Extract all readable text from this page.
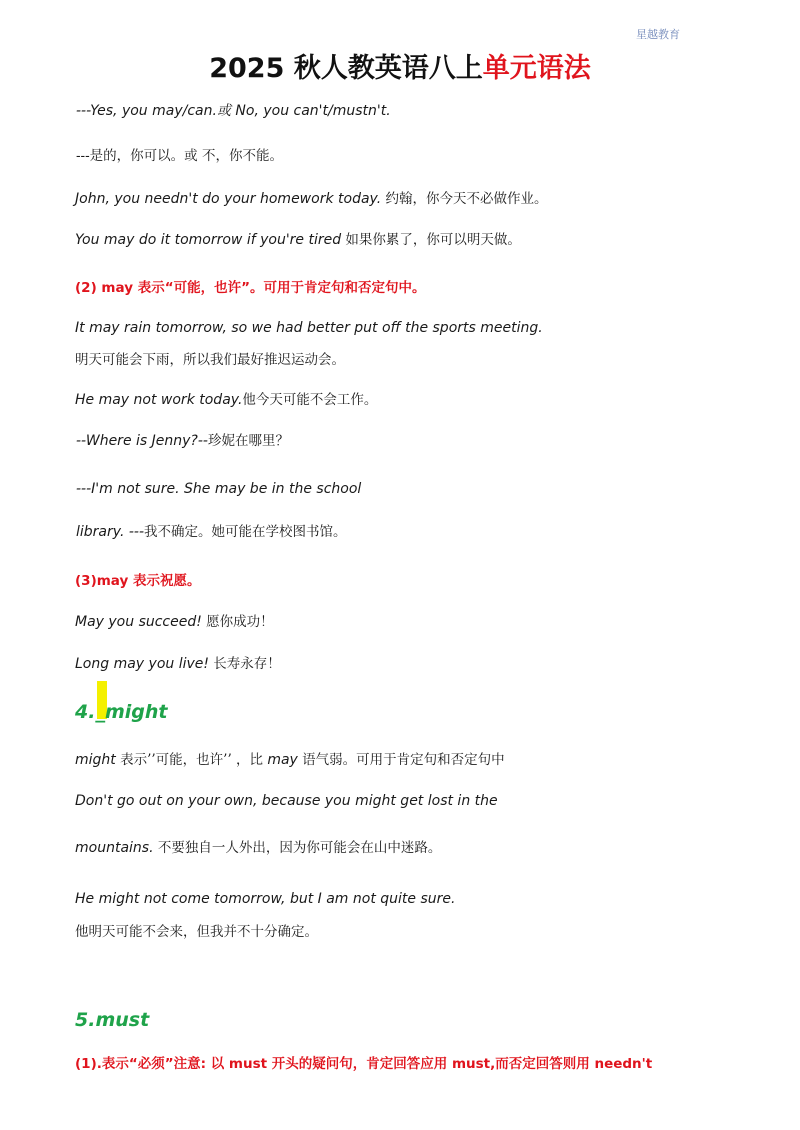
星越教育
2025 秋人教英语八上单元语法
---Yes, you may/can.或 No, you can't/mustn't.
---是的，你可以。或 不，你不能。
John, you needn't do your homework today. 约翰，你今天不必做作业。
You may do it tomorrow if you're tired 如果你累了，你可以明天做。
(2) may 表示“可能，也许”。可用于肯定句和否定句中。
It may rain tomorrow, so we had better put off the sports meeting.
明天可能会下雨，所以我们最好推迟运动会。
He may not work today.他今天可能不会工作。
--Where is Jenny?--珍妮在哪里？
---I'm not sure. She may be in the school
library. ---我不确定。她可能在学校图书馆。
(3)may 表示祝愿。
May you succeed! 愿你成功！
Long may you live! 长寿永存！
4._might
might 表示’’可能，也许’’ ，比 may 语气弱。可用于肯定句和否定句中
Don't go out on your own, because you might get lost in the
mountains. 不要独自一人外出，因为你可能会在山中迷路。
He might not come tomorrow, but I am not quite sure.
他明天可能不会来，但我并不十分确定。
5.must
(1).表示“必须”注意: 以 must 开头的疑问句，肯定回答应用 must,而否定回答则用 needn't
